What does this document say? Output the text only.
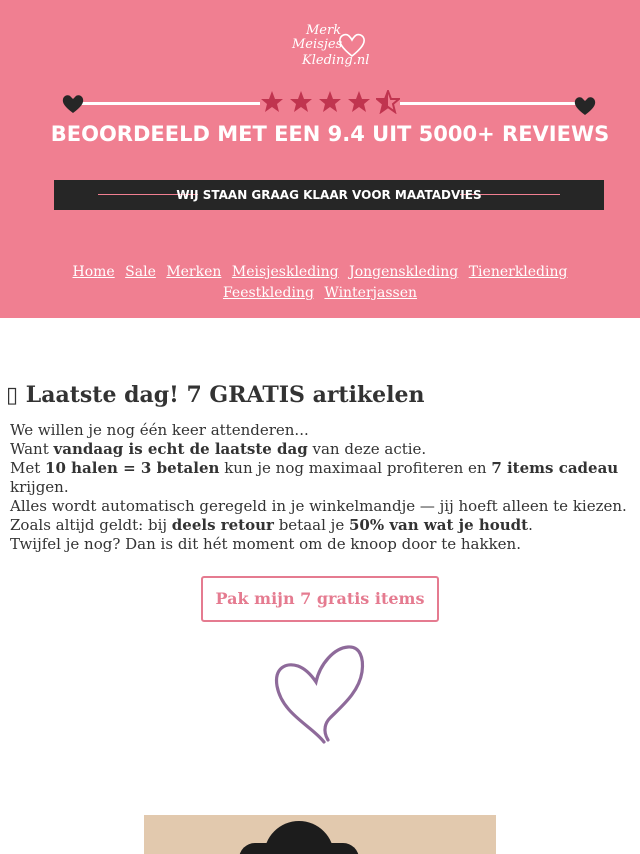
Merk
Meisjes
Kleding.nl
BEOORDEELD MET EEN 9.4 UIT 5000+ REVIEWS
WIJ STAAN GRAAG KLAAR VOOR MAATADVIES
Home Sale Merken Meisjeskleding Jongenskleding Tienerkleding Feestkleding Winterjassen
▯ Laatste dag! 7 GRATIS artikelen

We willen je nog één keer attenderen...

Want vandaag is echt de laatste dag van deze actie.

Met 10 halen = 3 betalen kun je nog maximaal profiteren en 7 items cadeau krijgen.

Alles wordt automatisch geregeld in je winkelmandje — jij hoeft alleen te kiezen.

Zoals altijd geldt: bij deels retour betaal je 50% van wat je houdt.

Twijfel je nog? Dan is dit hét moment om de knoop door te hakken.

Pak mijn 7 gratis items
